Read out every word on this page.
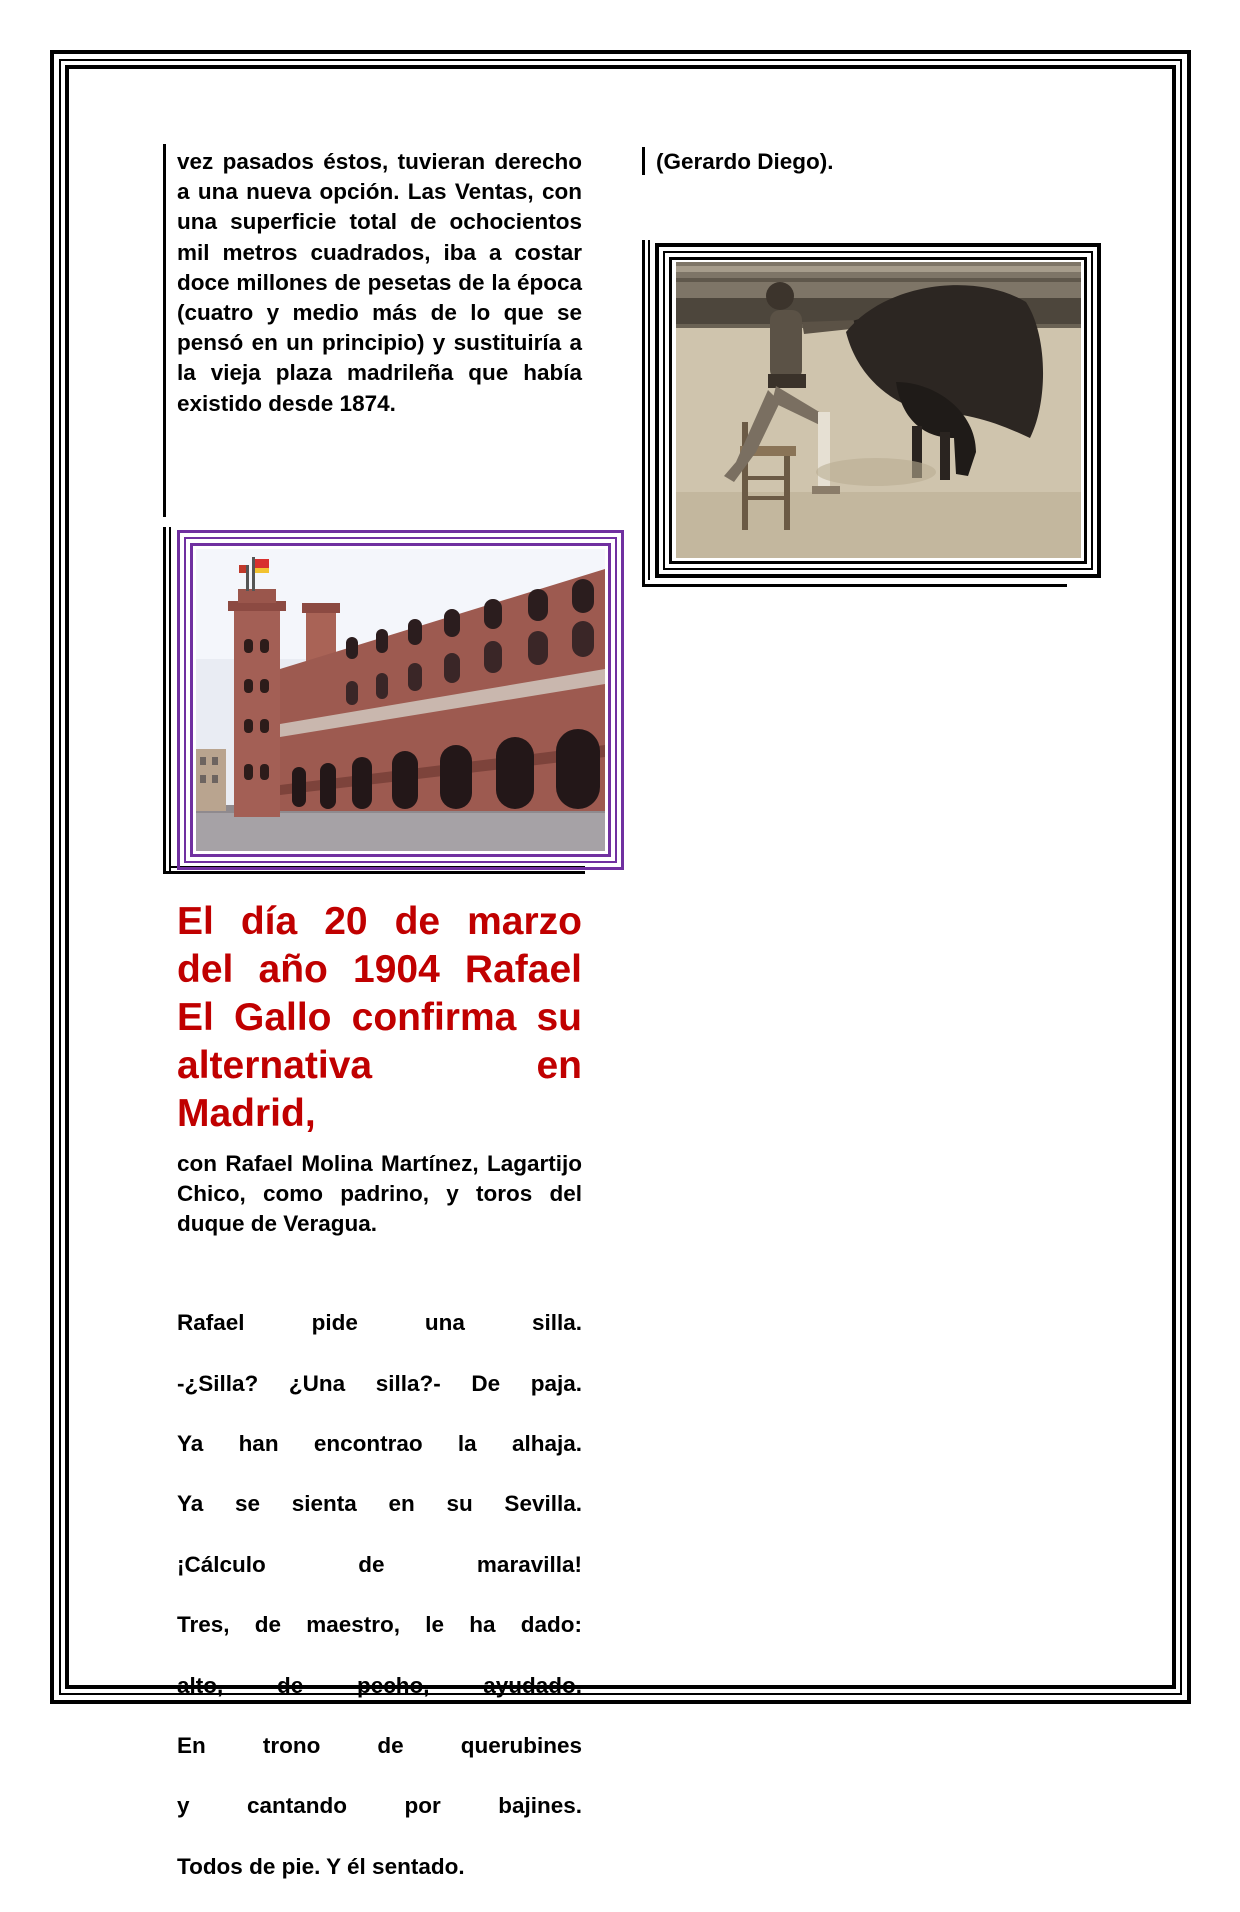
vez pasados éstos, tuvieran derecho a una nueva opción. Las Ventas, con una superficie total de ochocientos mil metros cuadrados, iba a costar doce millones de pesetas de la época (cuatro y medio más de lo que se pensó en un principio) y sustituiría a la vieja plaza madrileña que había existido desde 1874.
(Gerardo Diego).
El día 20 de marzo del año 1904 Rafael El Gallo confirma su alternativa en
Madrid,
con Rafael Molina Martínez, Lagartijo Chico, como padrino, y toros del duque de Veragua.

Rafael pide una silla.

-¿Silla? ¿Una silla?- De paja.

Ya han encontrao la alhaja.

Ya se sienta en su Sevilla.

¡Cálculo de maravilla!

Tres, de maestro, le ha dado:

alto, de pecho, ayudado.

En trono de querubines

y cantando por bajines.

Todos de pie. Y él sentado.
